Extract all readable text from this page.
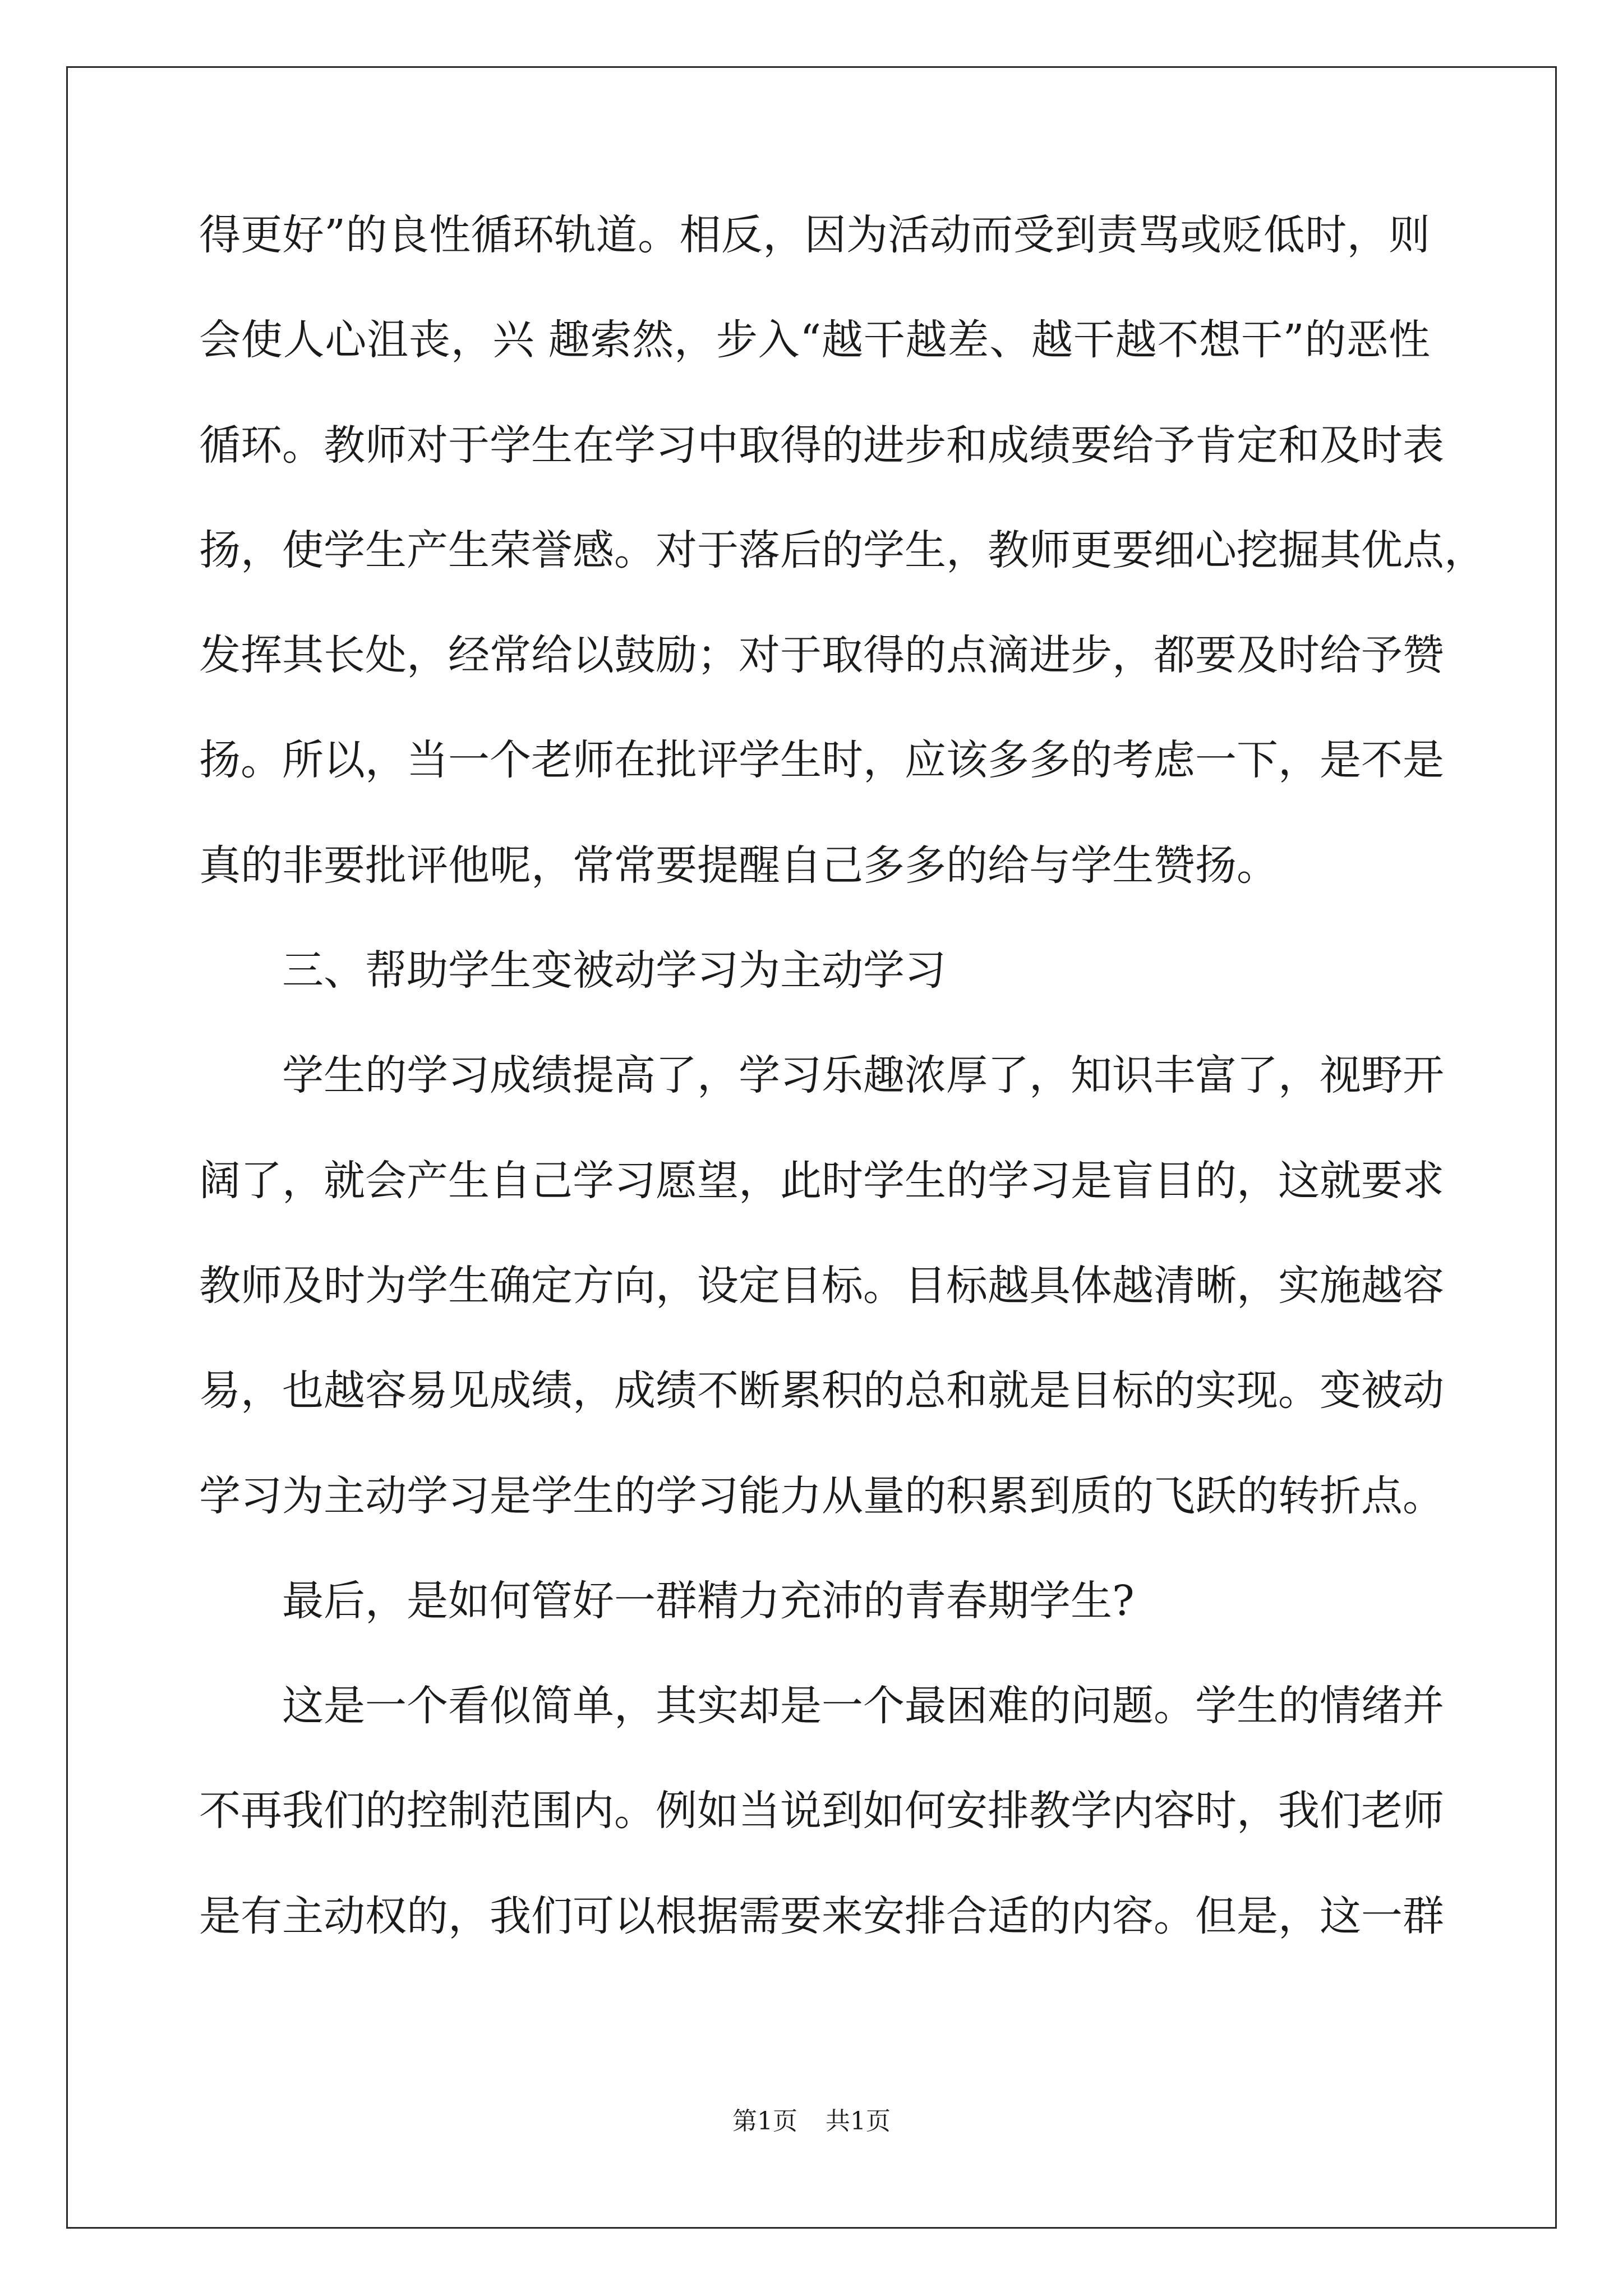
得更好”的良性循环轨道。相反，因为活动而受到责骂或贬低时，则
会使人心沮丧，兴 趣索然，步入“越干越差、越干越不想干”的恶性
循环。教师对于学生在学习中取得的进步和成绩要给予肯定和及时表
扬，使学生产生荣誉感。对于落后的学生，教师更要细心挖掘其优点，
发挥其长处，经常给以鼓励；对于取得的点滴进步，都要及时给予赞
扬。所以，当一个老师在批评学生时，应该多多的考虑一下，是不是
真的非要批评他呢，常常要提醒自己多多的给与学生赞扬。
三、帮助学生变被动学习为主动学习
学生的学习成绩提高了，学习乐趣浓厚了，知识丰富了，视野开
阔了，就会产生自己学习愿望，此时学生的学习是盲目的，这就要求
教师及时为学生确定方向，设定目标。目标越具体越清晰，实施越容
易，也越容易见成绩，成绩不断累积的总和就是目标的实现。变被动
学习为主动学习是学生的学习能力从量的积累到质的飞跃的转折点。
最后，是如何管好一群精力充沛的青春期学生?
这是一个看似简单，其实却是一个最困难的问题。学生的情绪并
不再我们的控制范围内。例如当说到如何安排教学内容时，我们老师
是有主动权的，我们可以根据需要来安排合适的内容。但是，这一群
第1页 共1页
